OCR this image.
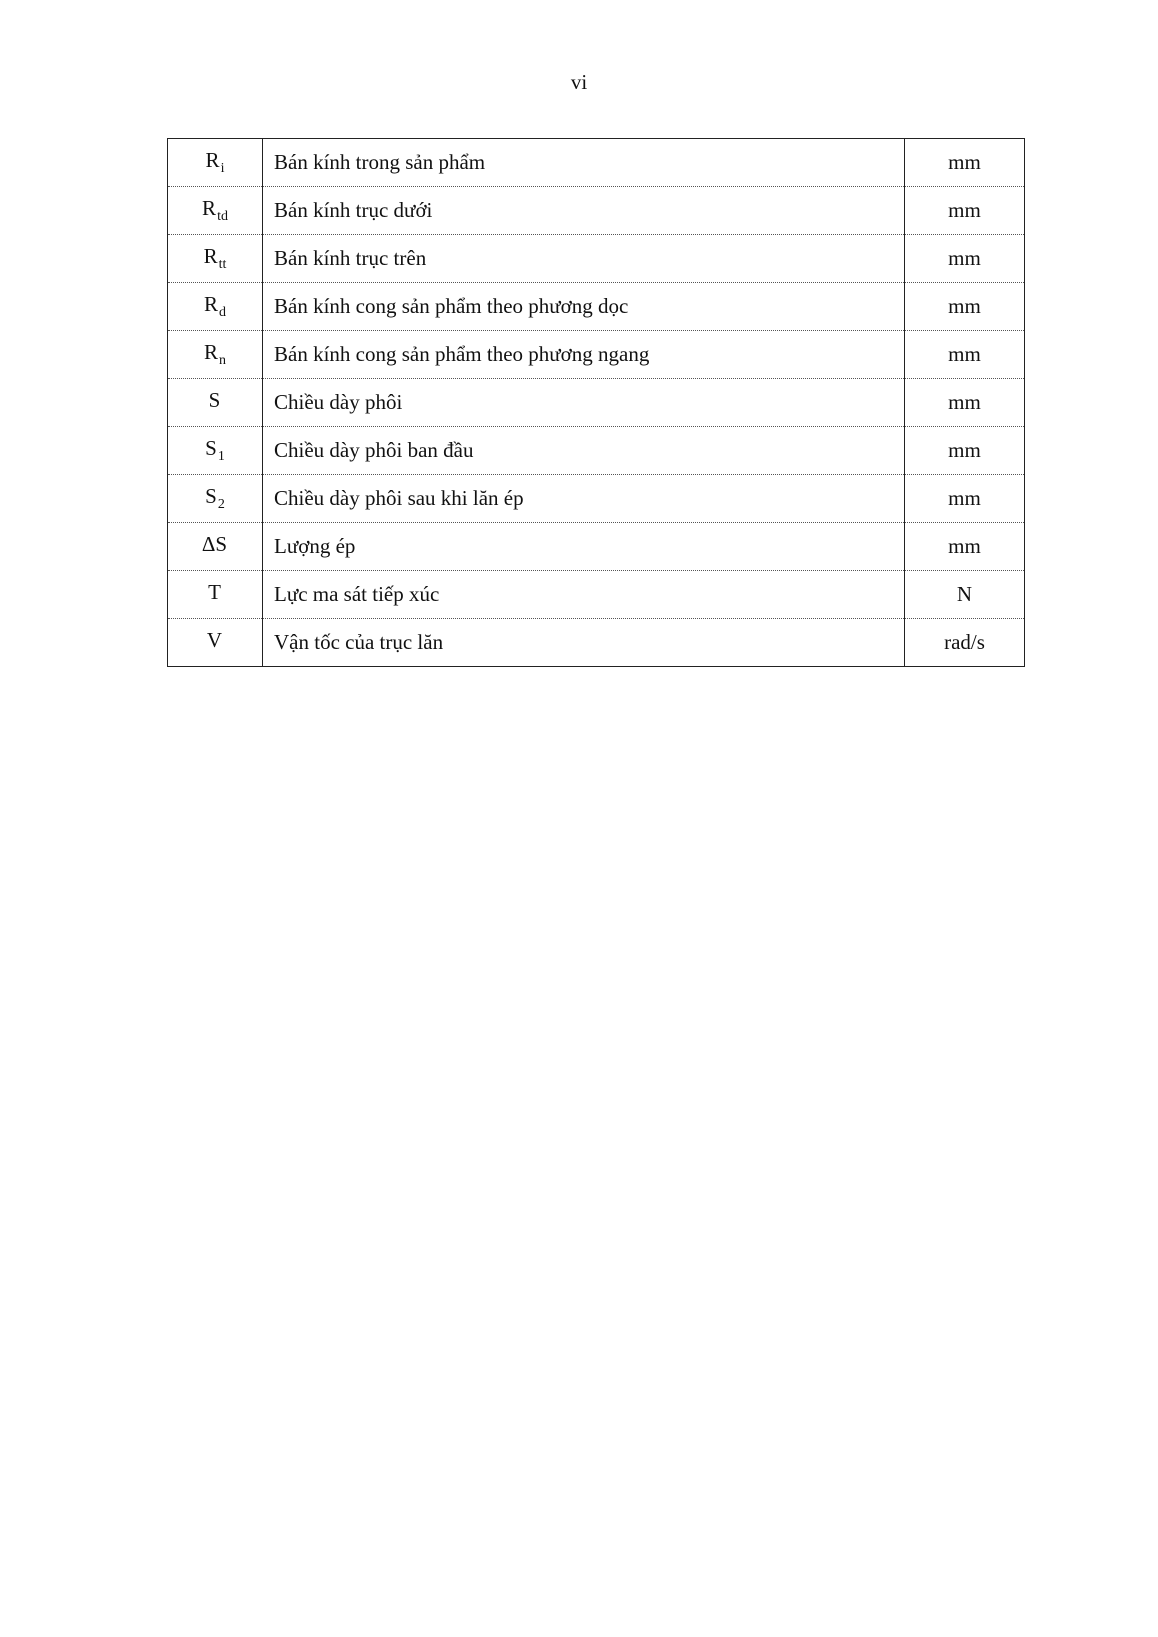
vi
$R_i$	Bán kính trong sản phẩm	mm
$R_{td}$	Bán kính trục dưới	mm
$R_{tt}$	Bán kính trục trên	mm
$R_d$	Bán kính cong sản phẩm theo phương dọc	mm
$R_n$	Bán kính cong sản phẩm theo phương ngang	mm
S	Chiều dày phôi	mm
$S_1$	Chiều dày phôi ban đầu	mm
$S_2$	Chiều dày phôi sau khi lăn ép	mm
ΔS	Lượng ép	mm
T	Lực ma sát tiếp xúc	N
V	Vận tốc của trục lăn	rad/s
